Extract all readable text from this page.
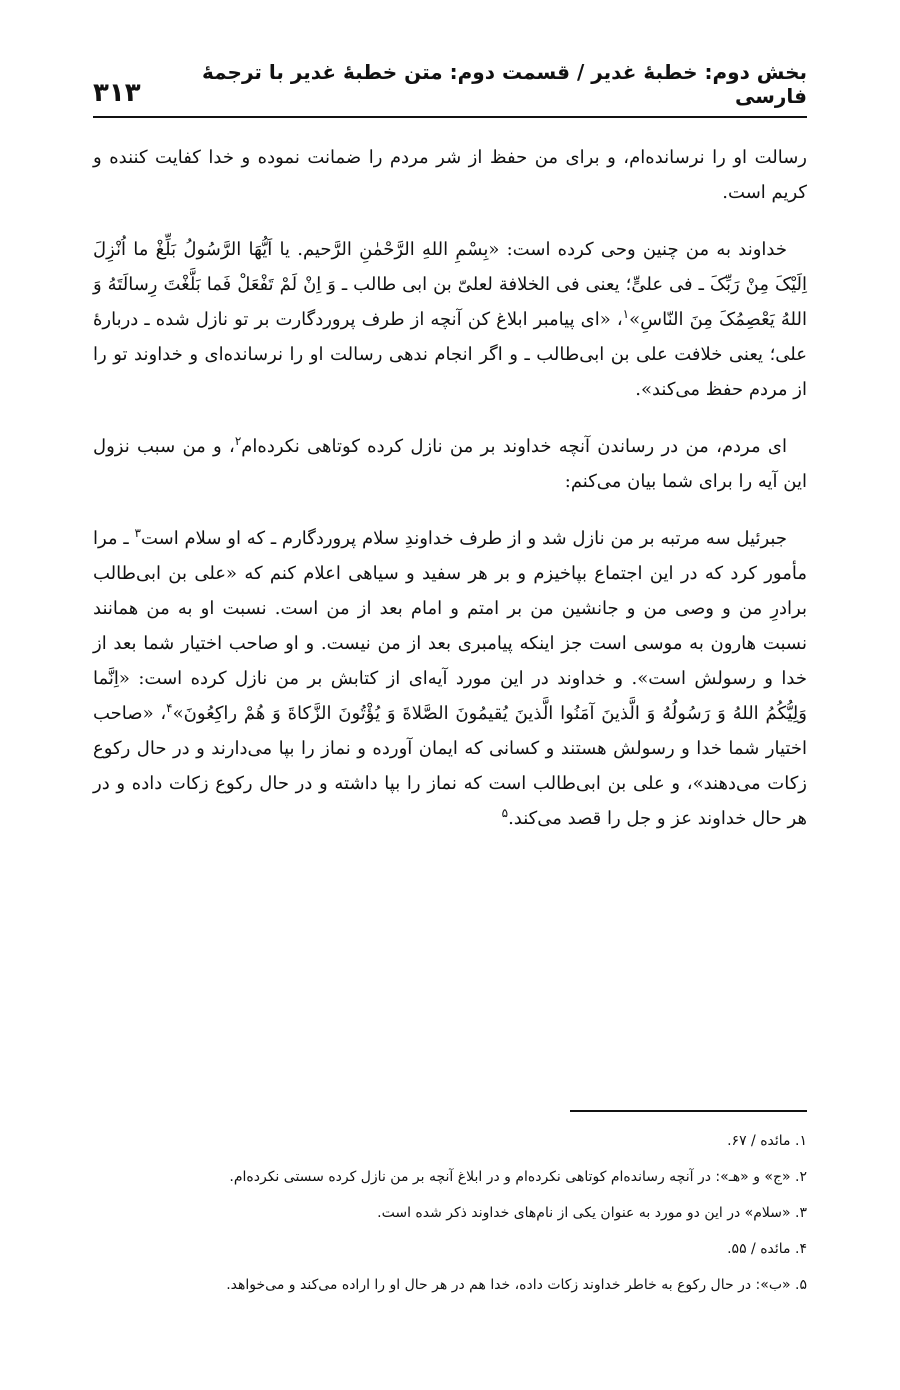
۳۱۳
بخش دوم: خطبهٔ غدیر / قسمت دوم: متن خطبهٔ غدیر با ترجمهٔ فارسی

رسالت او را نرسانده‌ام، و برای من حفظ از شر مردم را ضمانت نموده و خدا کفایت کننده و کریم است.

خداوند به من چنین وحی کرده است: «بِسْمِ اللهِ الرَّحْمٰنِ الرَّحیم. یا اَیُّهَا الرَّسُولُ بَلِّغْ ما اُنْزِلَ اِلَیْکَ مِنْ رَبِّکَ ـ فی علیٍّ؛ یعنی فی الخلافة لعلیّ بن ابی طالب ـ وَ اِنْ لَمْ تَفْعَلْ فَما بَلَّغْتَ رِسالَتَهُ وَ اللهُ یَعْصِمُکَ مِنَ النّاسِ»$^۱$، «ای پیامبر ابلاغ کن آنچه از طرف پروردگارت بر تو نازل شده ـ دربارهٔ علی؛ یعنی خلافت علی بن ابی‌طالب ـ و اگر انجام ندهی رسالت او را نرسانده‌ای و خداوند تو را از مردم حفظ می‌کند».

ای مردم، من در رساندن آنچه خداوند بر من نازل کرده کوتاهی نکرده‌ام$^۲$، و من سبب نزول این آیه را برای شما بیان می‌کنم:

جبرئیل سه مرتبه بر من نازل شد و از طرف خداوندِ سلام پروردگارم ـ که او سلام است$^۳$ ـ مرا مأمور کرد که در این اجتماع بپاخیزم و بر هر سفید و سیاهی اعلام کنم که «علی بن ابی‌طالب برادرِ من و وصی من و جانشین من بر امتم و امام بعد از من است. نسبت او به من همانند نسبت هارون به موسی است جز اینکه پیامبری بعد از من نیست. و او صاحب اختیار شما بعد از خدا و رسولش است». و خداوند در این مورد آیه‌ای از کتابش بر من نازل کرده است: «اِنَّما وَلِیُّکُمُ اللهُ وَ رَسُولُهُ وَ الَّذینَ آمَنُوا الَّذینَ یُقیمُونَ الصَّلاةَ وَ یُؤْتُونَ الزَّکاةَ وَ هُمْ راکِعُونَ»$^۴$، «صاحب اختیار شما خدا و رسولش هستند و کسانی که ایمان آورده و نماز را بپا می‌دارند و در حال رکوع زکات می‌دهند»، و علی بن ابی‌طالب است که نماز را بپا داشته و در حال رکوع زکات داده و در هر حال خداوند عز و جل را قصد می‌کند.$^۵$

۱. مائده / ۶۷.
۲. «ج» و «هـ»: در آنچه رسانده‌ام کوتاهی نکرده‌ام و در ابلاغ آنچه بر من نازل کرده سستی نکرده‌ام.
۳. «سلام» در این دو مورد به عنوان یکی از نام‌های خداوند ذکر شده است.
۴. مائده / ۵۵.
۵. «ب»: در حال رکوع به خاطر خداوند زکات داده، خدا هم در هر حال او را اراده می‌کند و می‌خواهد.
